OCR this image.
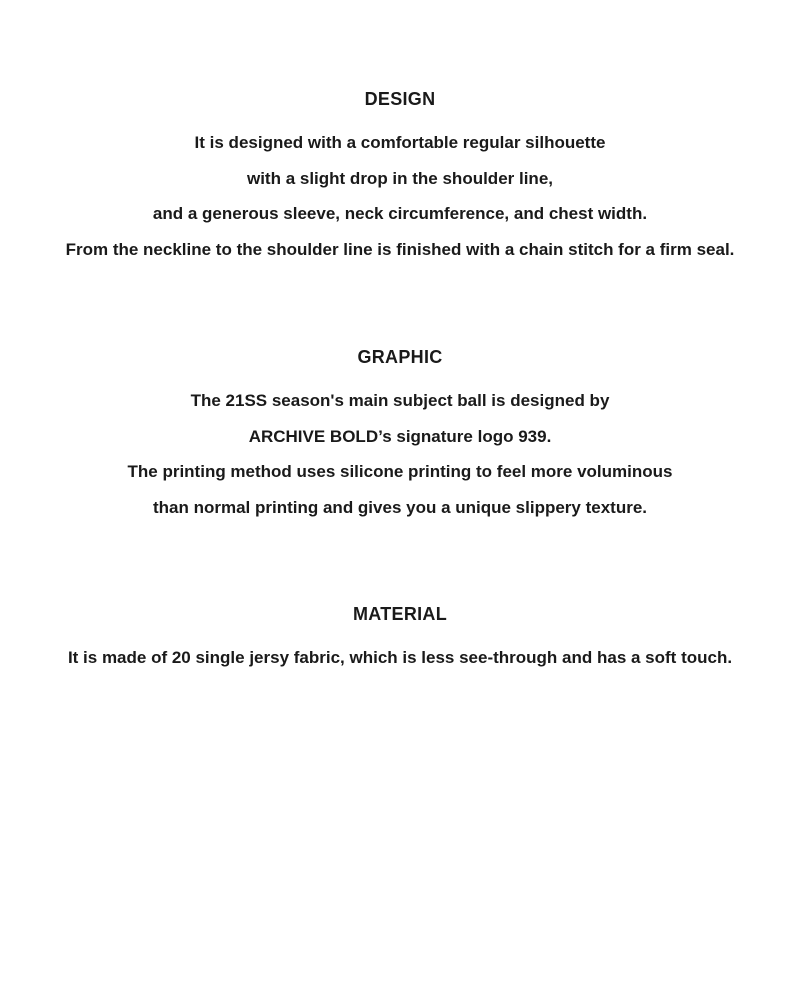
DESIGN
It is designed with a comfortable regular silhouette
with a slight drop in the shoulder line,
and a generous sleeve, neck circumference, and chest width.
From the neckline to the shoulder line is finished with a chain stitch for a firm seal.
GRAPHIC
The 21SS season's main subject ball is designed by
ARCHIVE BOLD’s signature logo 939.
The printing method uses silicone printing to feel more voluminous
than normal printing and gives you a unique slippery texture.
MATERIAL
It is made of 20 single jersy fabric, which is less see-through and has a soft touch.
